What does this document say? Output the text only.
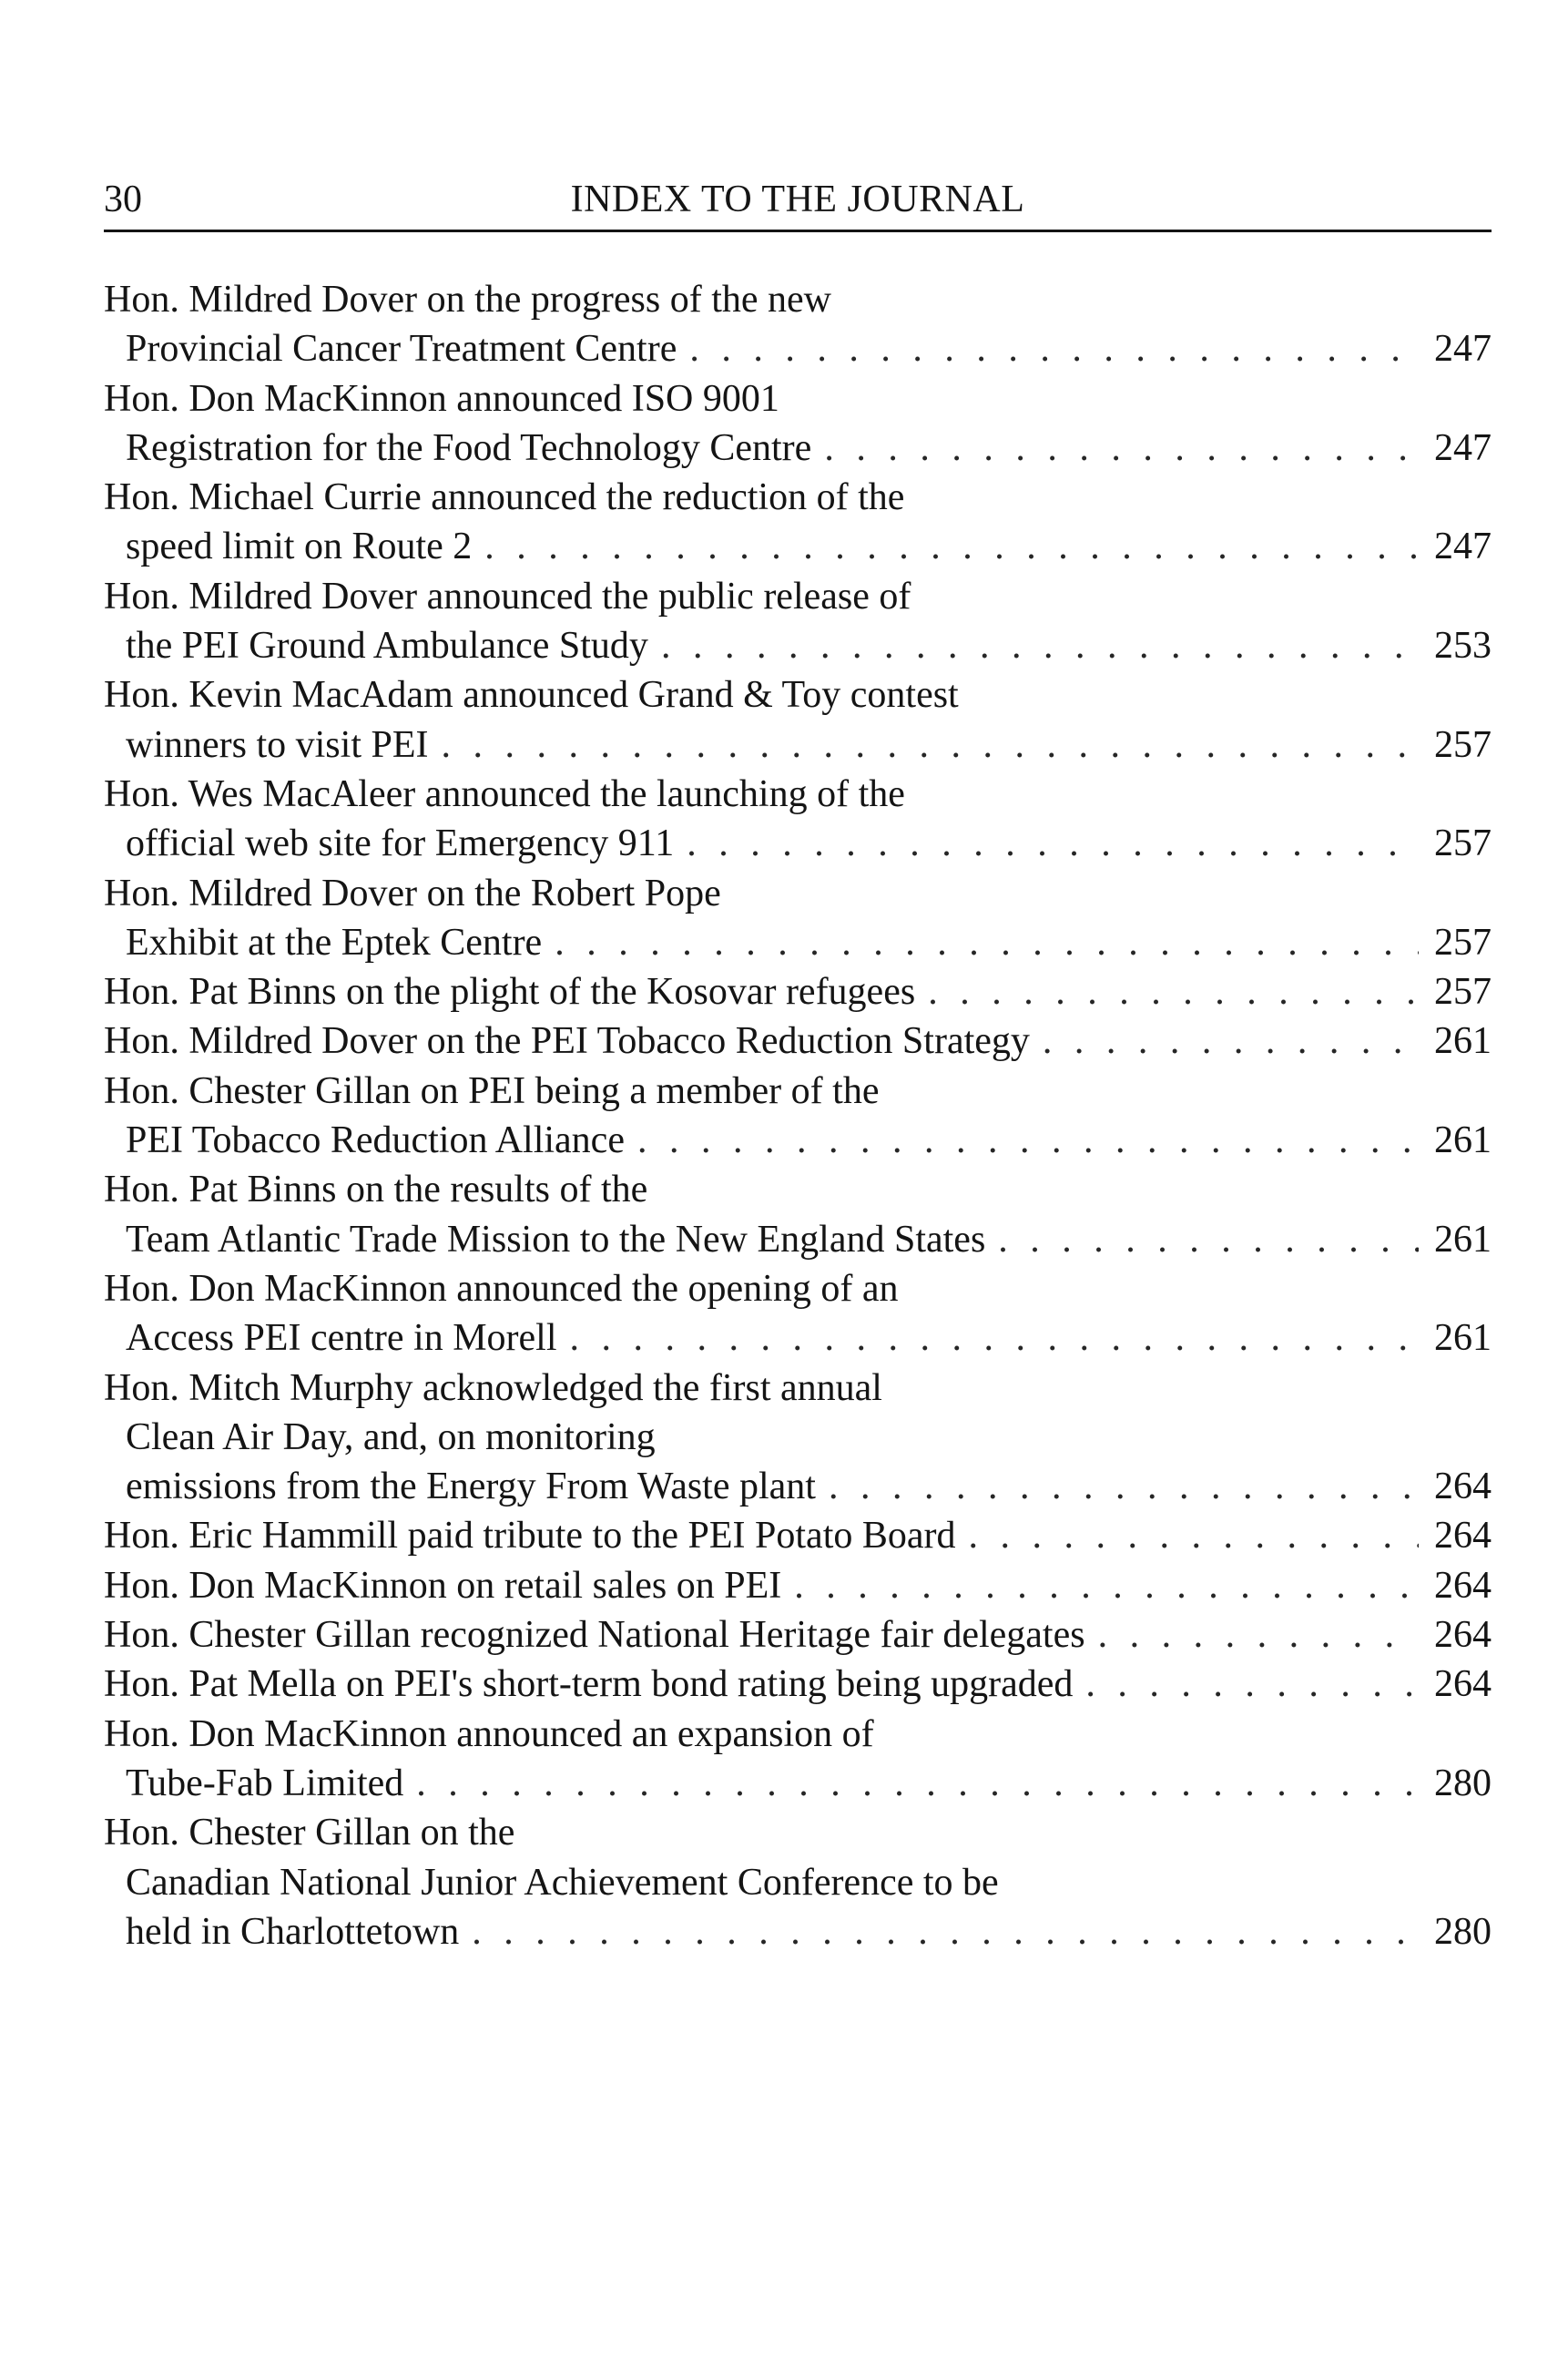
30	INDEX TO THE JOURNAL
Hon. Mildred Dover on the progress of the new
Provincial Cancer Treatment Centre . . .	247
Hon. Don MacKinnon announced ISO 9001
Registration for the Food Technology Centre . . .	247
Hon. Michael Currie announced the reduction of the
speed limit on Route 2 . . .	247
Hon. Mildred Dover announced the public release of
the PEI Ground Ambulance Study . . .	253
Hon. Kevin MacAdam announced Grand & Toy contest
winners to visit PEI . . .	257
Hon. Wes MacAleer announced the launching of the
official web site for Emergency 911 . . .	257
Hon. Mildred Dover on the Robert Pope
Exhibit at the Eptek Centre . . .	257
Hon. Pat Binns on the plight of the Kosovar refugees . . .	257
Hon. Mildred Dover on the PEI Tobacco Reduction Strategy . . .	261
Hon. Chester Gillan on PEI being a member of the
PEI Tobacco Reduction Alliance . . .	261
Hon. Pat Binns on the results of the
Team Atlantic Trade Mission to the New England States . . .	261
Hon. Don MacKinnon announced the opening of an
Access PEI centre in Morell . . .	261
Hon. Mitch Murphy acknowledged the first annual
Clean Air Day, and, on monitoring
emissions from the Energy From Waste plant . . .	264
Hon. Eric Hammill paid tribute to the PEI Potato Board . . .	264
Hon. Don MacKinnon on retail sales on PEI . . .	264
Hon. Chester Gillan recognized National Heritage fair delegates . . .	264
Hon. Pat Mella on PEI's short-term bond rating being upgraded . . .	264
Hon. Don MacKinnon announced an expansion of
Tube-Fab Limited . . .	280
Hon. Chester Gillan on the
Canadian National Junior Achievement Conference to be
held in Charlottetown . . .	280
